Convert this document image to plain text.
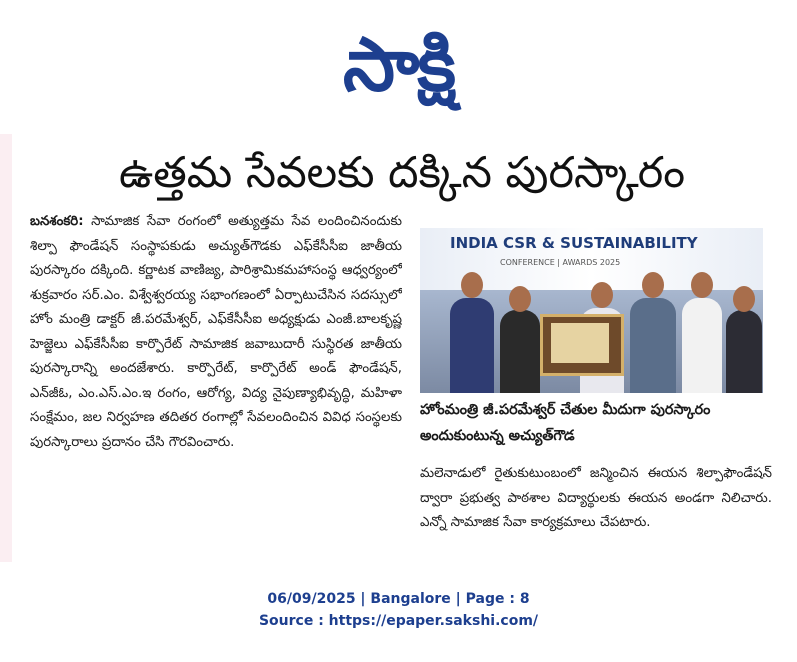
సాక్షి
ఉత్తమ సేవలకు దక్కిన పురస్కారం
బనశంకరి: సామాజిక సేవా రంగంలో అత్యుత్తమ సేవ లందించినందుకు శిల్పా ఫౌండేషన్ సంస్థాపకుడు అచ్యుత్‌గౌడకు ఎఫ్‌కేసీసీఐ జాతీయ పురస్కారం దక్కింది. కర్ణాటక వాణిజ్య, పారిశ్రామికమహాసంస్థ ఆధ్వర్యంలో శుక్రవారం సర్.ఎం. విశ్వేశ్వరయ్య సభాంగణంలో ఏర్పాటుచేసిన సదస్సులో హోం మంత్రి డాక్టర్ జీ.పరమేశ్వర్, ఎఫ్‌కేసీసీఐ అధ్యక్షుడు ఎంజీ.బాలకృష్ణ హెజ్జెలు ఎఫ్‌కేసీసీఐ కార్పొరేట్ సామాజిక జవాబుదారీ సుస్థిరత జాతీయ పురస్కారాన్ని అందజేశారు. కార్పొరేట్, కార్పొరేట్ అండ్ ఫౌండేషన్, ఎన్‌జీఓ, ఎం.ఎస్.ఎం.ఇ రంగం, ఆరోగ్య, విద్య నైపుణ్యాభివృద్ధి, మహిళా సంక్షేమం, జల నిర్వహణ తదితర రంగాల్లో సేవలందించిన వివిధ సంస్థలకు పురస్కారాలు ప్రదానం చేసి గౌరవించారు.
INDIA CSR & SUSTAINABILITY
CONFERENCE | AWARDS 2025
హోంమంత్రి జీ.పరమేశ్వర్ చేతుల మీదుగా పురస్కారం అందుకుంటున్న అచ్యుత్‌గౌడ
మలెనాడులో రైతుకుటుంబంలో జన్మించిన ఈయన శిల్పాఫౌండేషన్ ద్వారా ప్రభుత్వ పాఠశాల విద్యార్థులకు ఈయన అండగా నిలిచారు. ఎన్నో సామాజిక సేవా కార్యక్రమాలు చేపటారు.
06/09/2025 | Bangalore | Page : 8
Source : https://epaper.sakshi.com/
